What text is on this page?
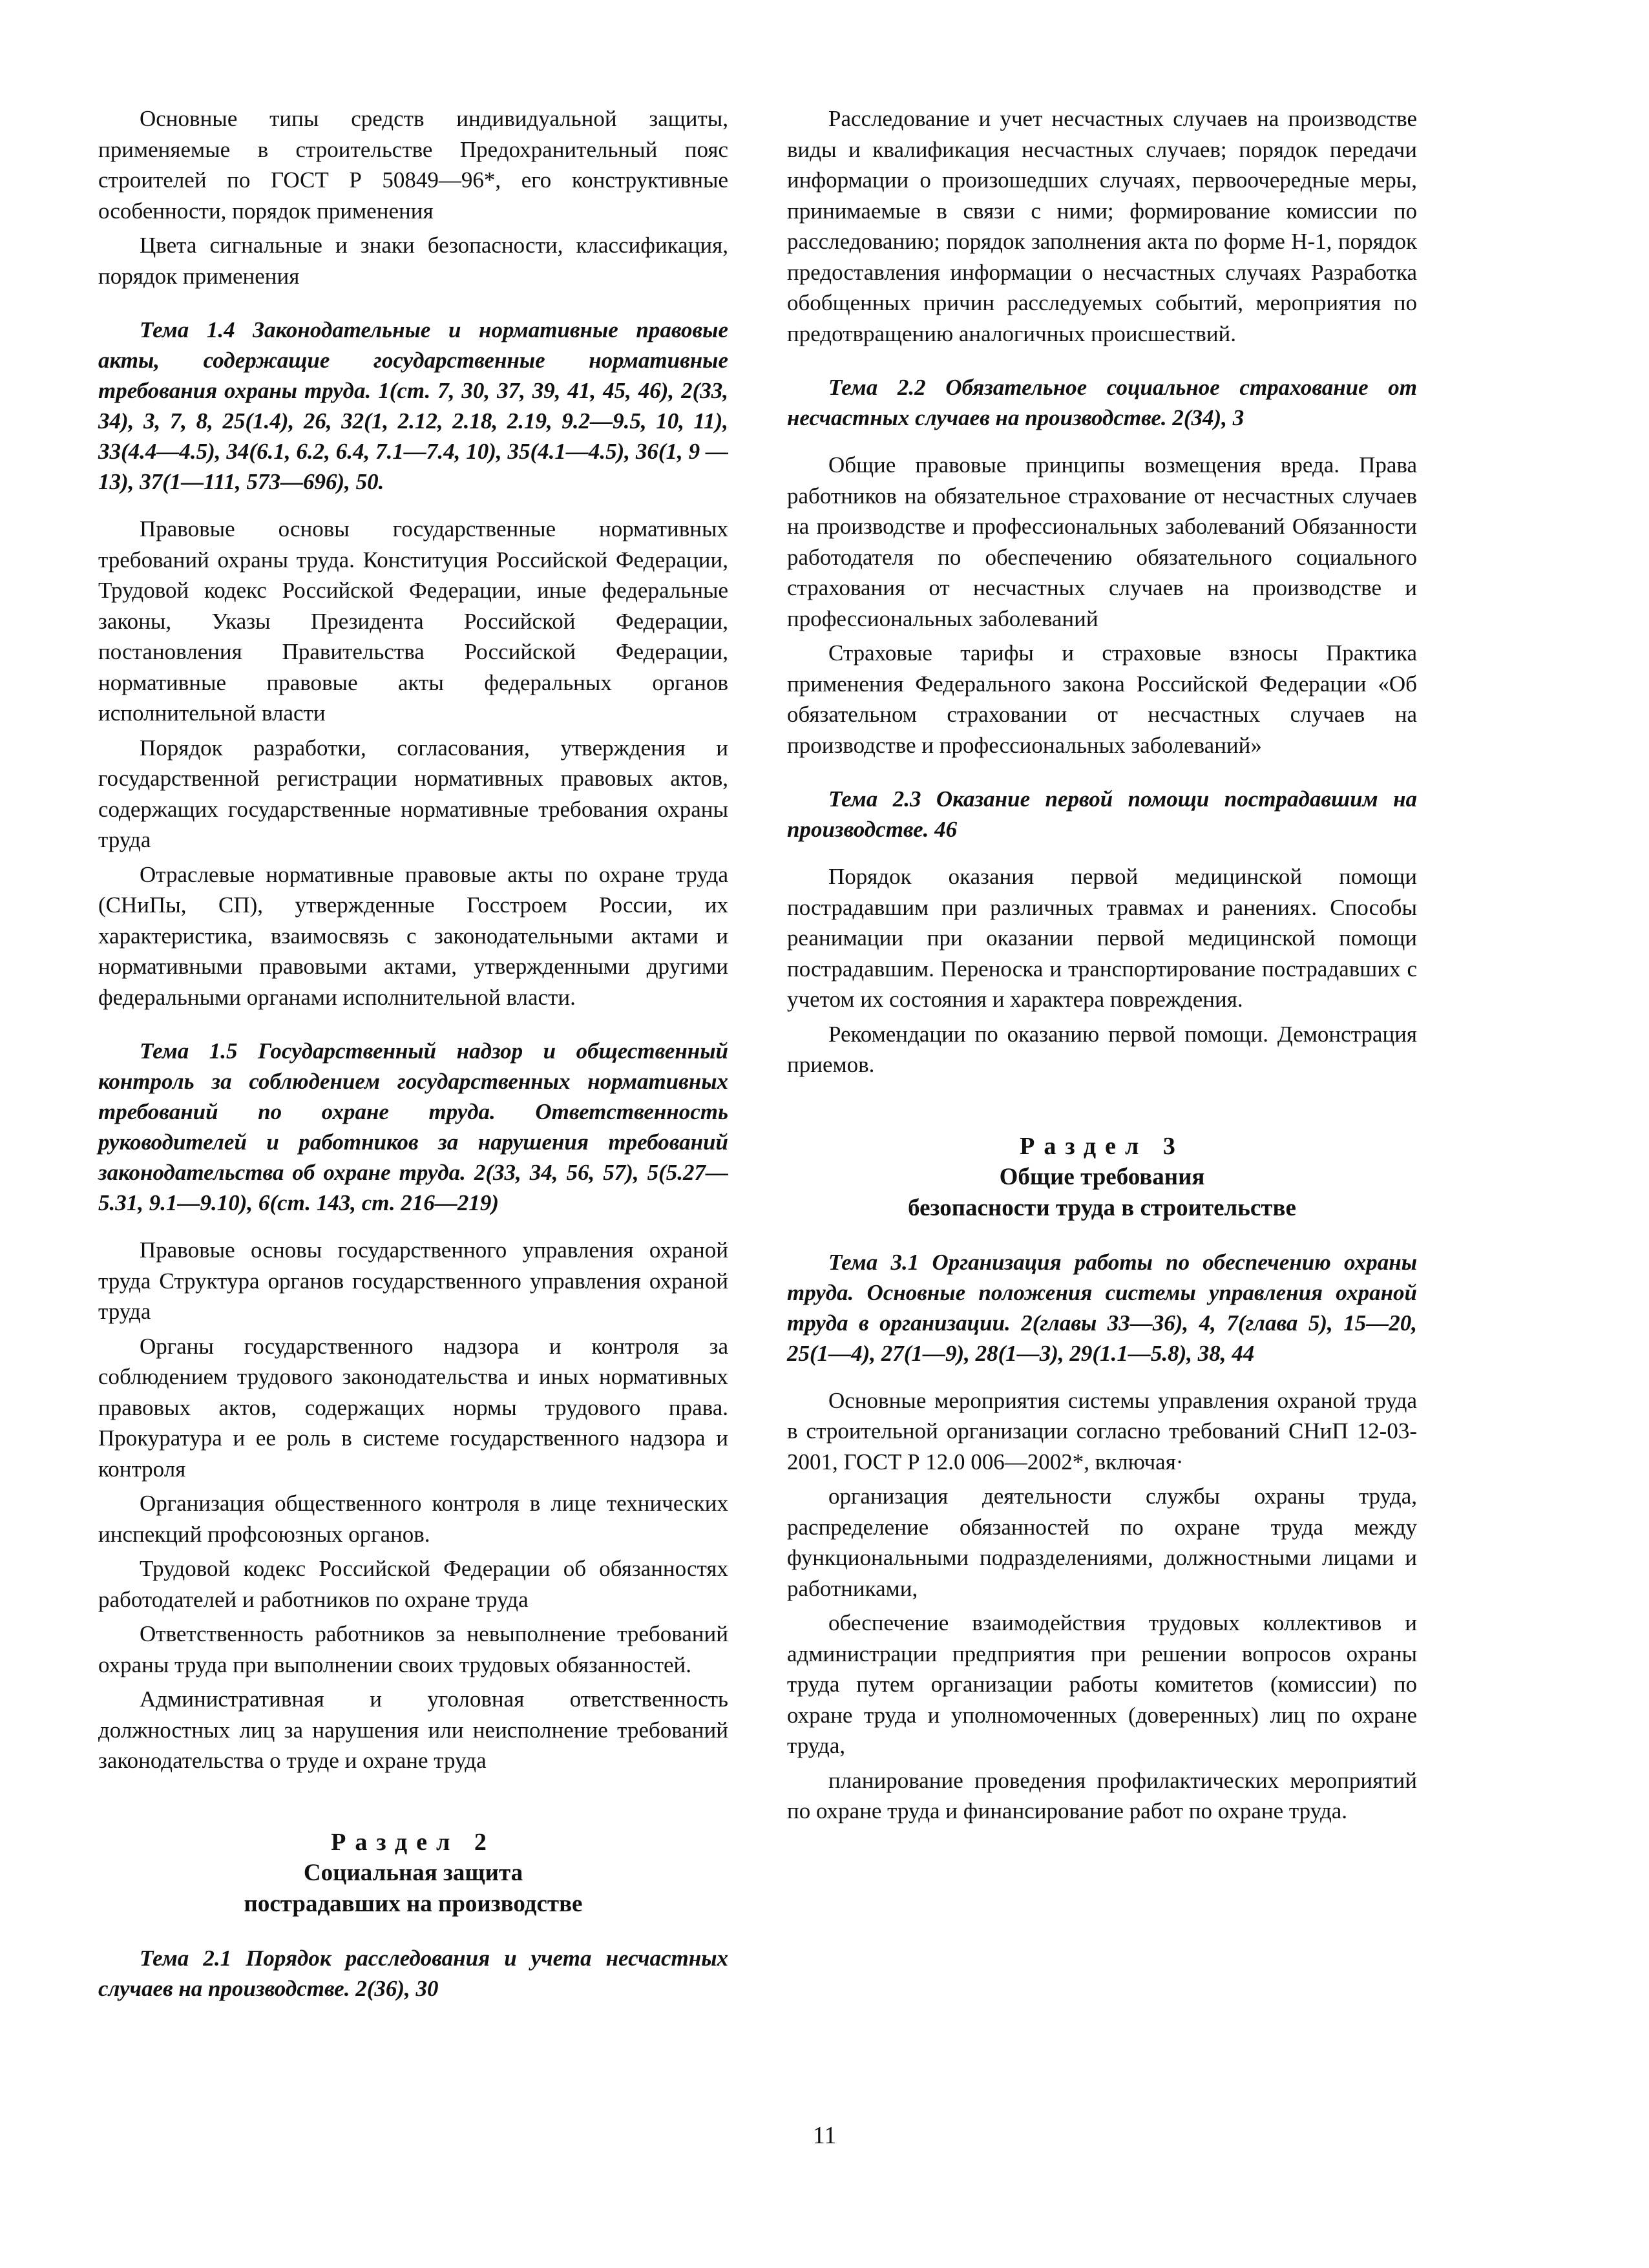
Основные типы средств индивидуальной защиты, применяемые в строительстве Предохранительный пояс строителей по ГОСТ Р 50849—96*, его конструктивные особенности, порядок применения

Цвета сигнальные и знаки безопасности, классификация, порядок применения

Тема 1.4 Законодательные и нормативные правовые акты, содержащие государственные нормативные требования охраны труда. 1(ст. 7, 30, 37, 39, 41, 45, 46), 2(33, 34), 3, 7, 8, 25(1.4), 26, 32(1, 2.12, 2.18, 2.19, 9.2—9.5, 10, 11), 33(4.4—4.5), 34(6.1, 6.2, 6.4, 7.1—7.4, 10), 35(4.1—4.5), 36(1, 9 — 13), 37(1—111, 573—696), 50.

Правовые основы государственные нормативных требований охраны труда. Конституция Российской Федерации, Трудовой кодекс Российской Федерации, иные федеральные законы, Указы Президента Российской Федерации, постановления Правительства Российской Федерации, нормативные правовые акты федеральных органов исполнительной власти

Порядок разработки, согласования, утверждения и государственной регистрации нормативных правовых актов, содержащих государственные нормативные требования охраны труда

Отраслевые нормативные правовые акты по охране труда (СНиПы, СП), утвержденные Госстроем России, их характеристика, взаимосвязь с законодательными актами и нормативными правовыми актами, утвержденными другими федеральными органами исполнительной власти.

Тема 1.5 Государственный надзор и общественный контроль за соблюдением государственных нормативных требований по охране труда. Ответственность руководителей и работников за нарушения требований законодательства об охране труда. 2(33, 34, 56, 57), 5(5.27—5.31, 9.1—9.10), 6(ст. 143, ст. 216—219)

Правовые основы государственного управления охраной труда Структура органов государственного управления охраной труда

Органы государственного надзора и контроля за соблюдением трудового законодательства и иных нормативных правовых актов, содержащих нормы трудового права. Прокуратура и ее роль в системе государственного надзора и контроля

Организация общественного контроля в лице технических инспекций профсоюзных органов.

Трудовой кодекс Российской Федерации об обязанностях работодателей и работников по охране труда

Ответственность работников за невыполнение требований охраны труда при выполнении своих трудовых обязанностей.

Административная и уголовная ответственность должностных лиц за нарушения или неисполнение требований законодательства о труде и охране труда

Раздел 2
Социальная защита
пострадавших на производстве
Тема 2.1 Порядок расследования и учета несчастных случаев на производстве. 2(36), 30

Расследование и учет несчастных случаев на производстве виды и квалификация несчастных случаев; порядок передачи информации о произошедших случаях, первоочередные меры, принимаемые в связи с ними; формирование комиссии по расследованию; порядок заполнения акта по форме Н-1, порядок предоставления информации о несчастных случаях Разработка обобщенных причин расследуемых событий, мероприятия по предотвращению аналогичных происшествий.

Тема 2.2 Обязательное социальное страхование от несчастных случаев на производстве. 2(34), 3

Общие правовые принципы возмещения вреда. Права работников на обязательное страхование от несчастных случаев на производстве и профессиональных заболеваний Обязанности работодателя по обеспечению обязательного социального страхования от несчастных случаев на производстве и профессиональных заболеваний

Страховые тарифы и страховые взносы Практика применения Федерального закона Российской Федерации «Об обязательном страховании от несчастных случаев на производстве и профессиональных заболеваний»

Тема 2.3 Оказание первой помощи пострадавшим на производстве. 46

Порядок оказания первой медицинской помощи пострадавшим при различных травмах и ранениях. Способы реанимации при оказании первой медицинской помощи пострадавшим. Переноска и транспортирование пострадавших с учетом их состояния и характера повреждения.

Рекомендации по оказанию первой помощи. Демонстрация приемов.

Раздел 3
Общие требования
безопасности труда в строительстве
Тема 3.1 Организация работы по обеспечению охраны труда. Основные положения системы управления охраной труда в организации. 2(главы 33—36), 4, 7(глава 5), 15—20, 25(1—4), 27(1—9), 28(1—3), 29(1.1—5.8), 38, 44

Основные мероприятия системы управления охраной труда в строительной организации согласно требований СНиП 12-03-2001, ГОСТ Р 12.0 006—2002*, включая·

организация деятельности службы охраны труда, распределение обязанностей по охране труда между функциональными подразделениями, должностными лицами и работниками,

обеспечение взаимодействия трудовых коллективов и администрации предприятия при решении вопросов охраны труда путем организации работы комитетов (комиссии) по охране труда и уполномоченных (доверенных) лиц по охране труда,

планирование проведения профилактических мероприятий по охране труда и финансирование работ по охране труда.

11
